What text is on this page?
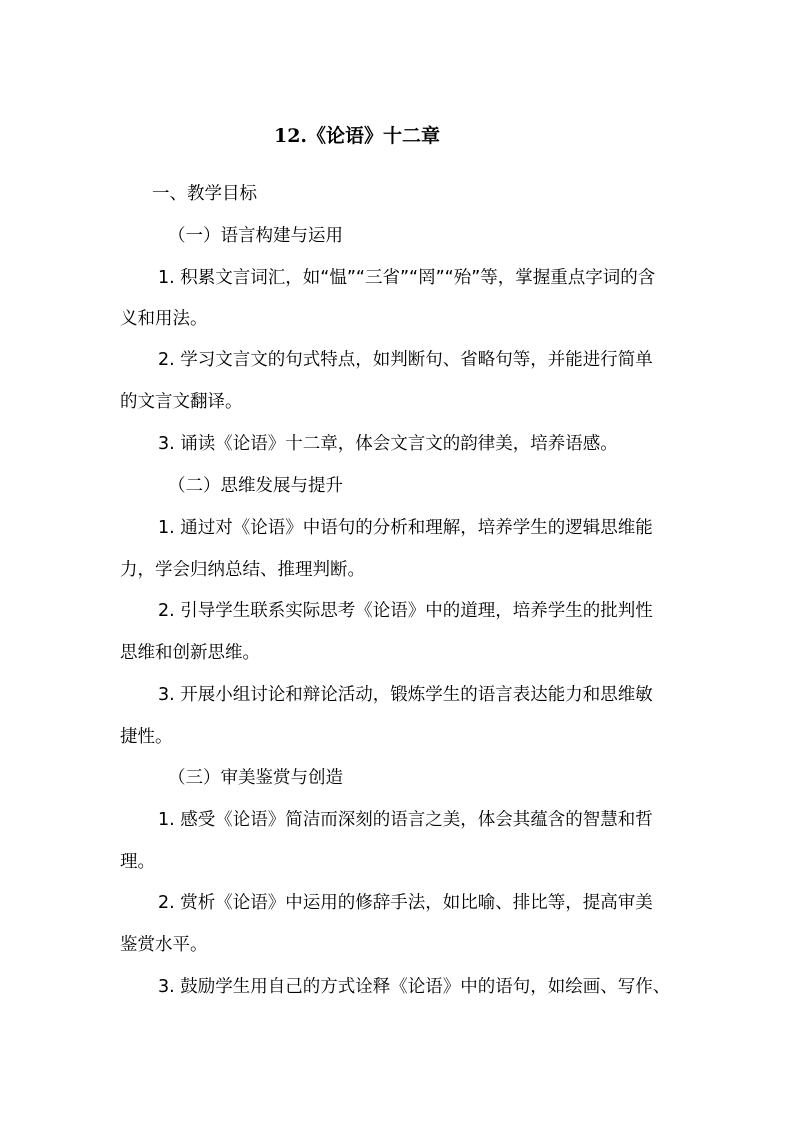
12.《论语》十二章
一、教学目标
（一）语言构建与运用
1. 积累文言词汇，如“愠”“三省”“罔”“殆”等，掌握重点字词的含
义和用法。
2. 学习文言文的句式特点，如判断句、省略句等，并能进行简单
的文言文翻译。
3. 诵读《论语》十二章，体会文言文的韵律美，培养语感。
（二）思维发展与提升
1. 通过对《论语》中语句的分析和理解，培养学生的逻辑思维能
力，学会归纳总结、推理判断。
2. 引导学生联系实际思考《论语》中的道理，培养学生的批判性
思维和创新思维。
3. 开展小组讨论和辩论活动，锻炼学生的语言表达能力和思维敏
捷性。
（三）审美鉴赏与创造
1. 感受《论语》简洁而深刻的语言之美，体会其蕴含的智慧和哲
理。
2. 赏析《论语》中运用的修辞手法，如比喻、排比等，提高审美
鉴赏水平。
3. 鼓励学生用自己的方式诠释《论语》中的语句，如绘画、写作、
